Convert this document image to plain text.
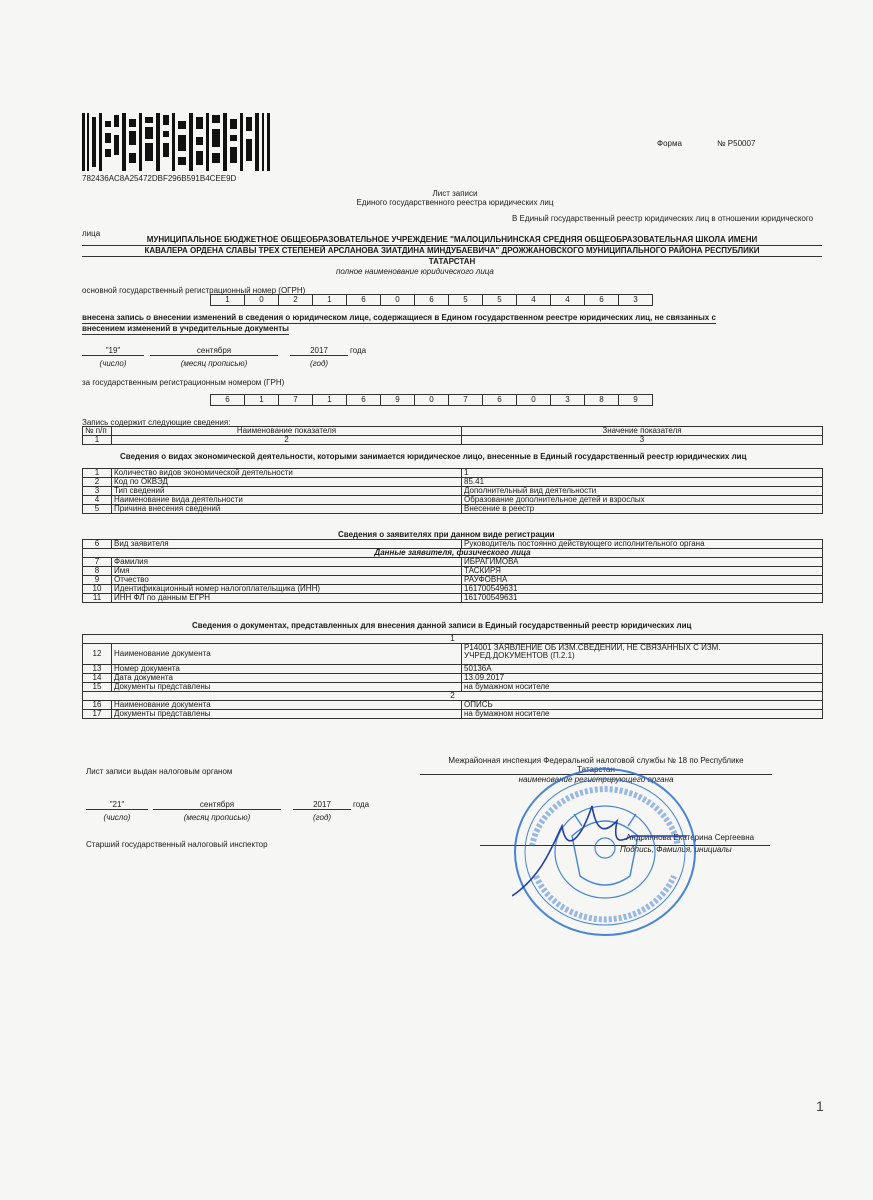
782436AC8A25472DBF296B591B4CEE9D
Форма	№ Р50007
Лист записи
Единого государственного реестра юридических лиц
В Единый государственный реестр юридических лиц в отношении юридического
лица
МУНИЦИПАЛЬНОЕ БЮДЖЕТНОЕ ОБЩЕОБРАЗОВАТЕЛЬНОЕ УЧРЕЖДЕНИЕ "МАЛОЦИЛЬНИНСКАЯ СРЕДНЯЯ ОБЩЕОБРАЗОВАТЕЛЬНАЯ ШКОЛА ИМЕНИ
КАВАЛЕРА ОРДЕНА СЛАВЫ ТРЕХ СТЕПЕНЕЙ АРСЛАНОВА ЗИАТДИНА МИНДУБАЕВИЧА" ДРОЖЖАНОВСКОГО МУНИЦИПАЛЬНОГО РАЙОНА РЕСПУБЛИКИ
ТАТАРСТАН
полное наименование юридического лица
основной государственный регистрационный номер (ОГРН)
1	0	2	1	6	0	6	5	5	4	4	6	3
внесена запись о внесении изменений в сведения о юридическом лице, содержащиеся в Едином государственном реестре юридических лиц, не связанных с
внесением изменений в учредительные документы
"19"	сентября	2017	года
(число)	(месяц прописью)	(год)
за государственным регистрационным номером (ГРН)
6	1	7	1	6	9	0	7	6	0	3	8	9
Запись содержит следующие сведения:
№ п/п	Наименование показателя	Значение показателя
1	2	3
Сведения о видах экономической деятельности, которыми занимается юридическое лицо, внесенные в Единый государственный реестр юридических лиц
1	Количество видов экономической деятельности	1
2	Код по ОКВЭД	85.41
3	Тип сведений	Дополнительный вид деятельности
4	Наименование вида деятельности	Образование дополнительное детей и взрослых
5	Причина внесения сведений	Внесение в реестр
Сведения о заявителях при данном виде регистрации
6	Вид заявителя	Руководитель постоянно действующего исполнительного органа
Данные заявителя, физического лица		
7	Фамилия	ИБРАГИМОВА
8	Имя	ТАСКИРЯ
9	Отчество	РАУФОВНА
10	Идентификационный номер налогоплательщика (ИНН)	161700549631
11	ИНН ФЛ по данным ЕГРН	161700549631
Сведения о документах, представленных для внесения данной записи в Единый государственный реестр юридических лиц
1		
12	Наименование документа	Р14001 ЗАЯВЛЕНИЕ ОБ ИЗМ.СВЕДЕНИИ, НЕ СВЯЗАННЫХ С ИЗМ.
УЧРЕД.ДОКУМЕНТОВ (П.2.1)

13	Номер документа	50136А
14	Дата документа	13.09.2017
15	Документы представлены	на бумажном носителе
2		
16	Наименование документа	ОПИСЬ
17	Документы представлены	на бумажном носителе
Лист записи выдан налоговым органом
Межрайонная инспекция Федеральной налоговой службы № 18 по Республике
Татарстан
наименование регистрирующего органа
"21"	сентября	2017	года
(число)	(месяц прописью)	(год)
Старший государственный налоговый инспектор
Андриянова Екатерина Сергеевна
Подпись, Фамилия, инициалы
1
